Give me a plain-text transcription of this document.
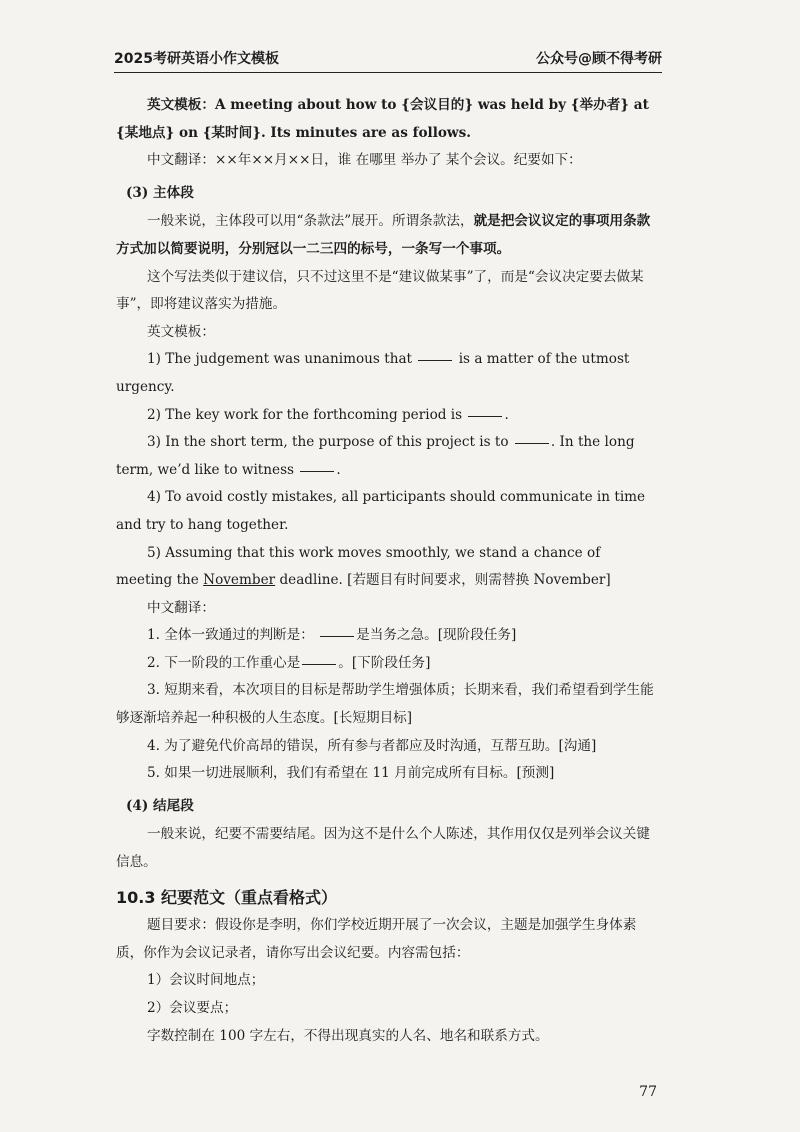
2025考研英语小作文模板	公众号@顾不得考研

英文模板：A meeting about how to {会议目的} was held by {举办者} at {某地点} on {某时间}. Its minutes are as follows.

中文翻译：××年××月××日，谁 在哪里 举办了 某个会议。纪要如下：

(3) 主体段

一般来说，主体段可以用“条款法”展开。所谓条款法，就是把会议议定的事项用条款方式加以简要说明，分别冠以一二三四的标号，一条写一个事项。

这个写法类似于建议信，只不过这里不是“建议做某事”了，而是“会议决定要去做某事”，即将建议落实为措施。

英文模板：

1) The judgement was unanimous that	is a matter of the utmost urgency.

2) The key work for the forthcoming period is	.

3) In the short term, the purpose of this project is to	. In the long term, we’d like to witness	.

4) To avoid costly mistakes, all participants should communicate in time and try to hang together.

5) Assuming that this work moves smoothly, we stand a chance of meeting the November deadline. [若题目有时间要求，则需替换 November]

中文翻译：

1. 全体一致通过的判断是：	是当务之急。[现阶段任务]

2. 下一阶段的工作重心是	。[下阶段任务]

3. 短期来看，本次项目的目标是帮助学生增强体质；长期来看，我们希望看到学生能够逐渐培养起一种积极的人生态度。[长短期目标]

4. 为了避免代价高昂的错误，所有参与者都应及时沟通，互帮互助。[沟通]

5. 如果一切进展顺利，我们有希望在 11 月前完成所有目标。[预测]

(4) 结尾段

一般来说，纪要不需要结尾。因为这不是什么个人陈述，其作用仅仅是列举会议关键信息。

10.3 纪要范文（重点看格式）

题目要求：假设你是李明，你们学校近期开展了一次会议，主题是加强学生身体素质，你作为会议记录者，请你写出会议纪要。内容需包括：

1）会议时间地点；

2）会议要点；

字数控制在 100 字左右，不得出现真实的人名、地名和联系方式。

77
